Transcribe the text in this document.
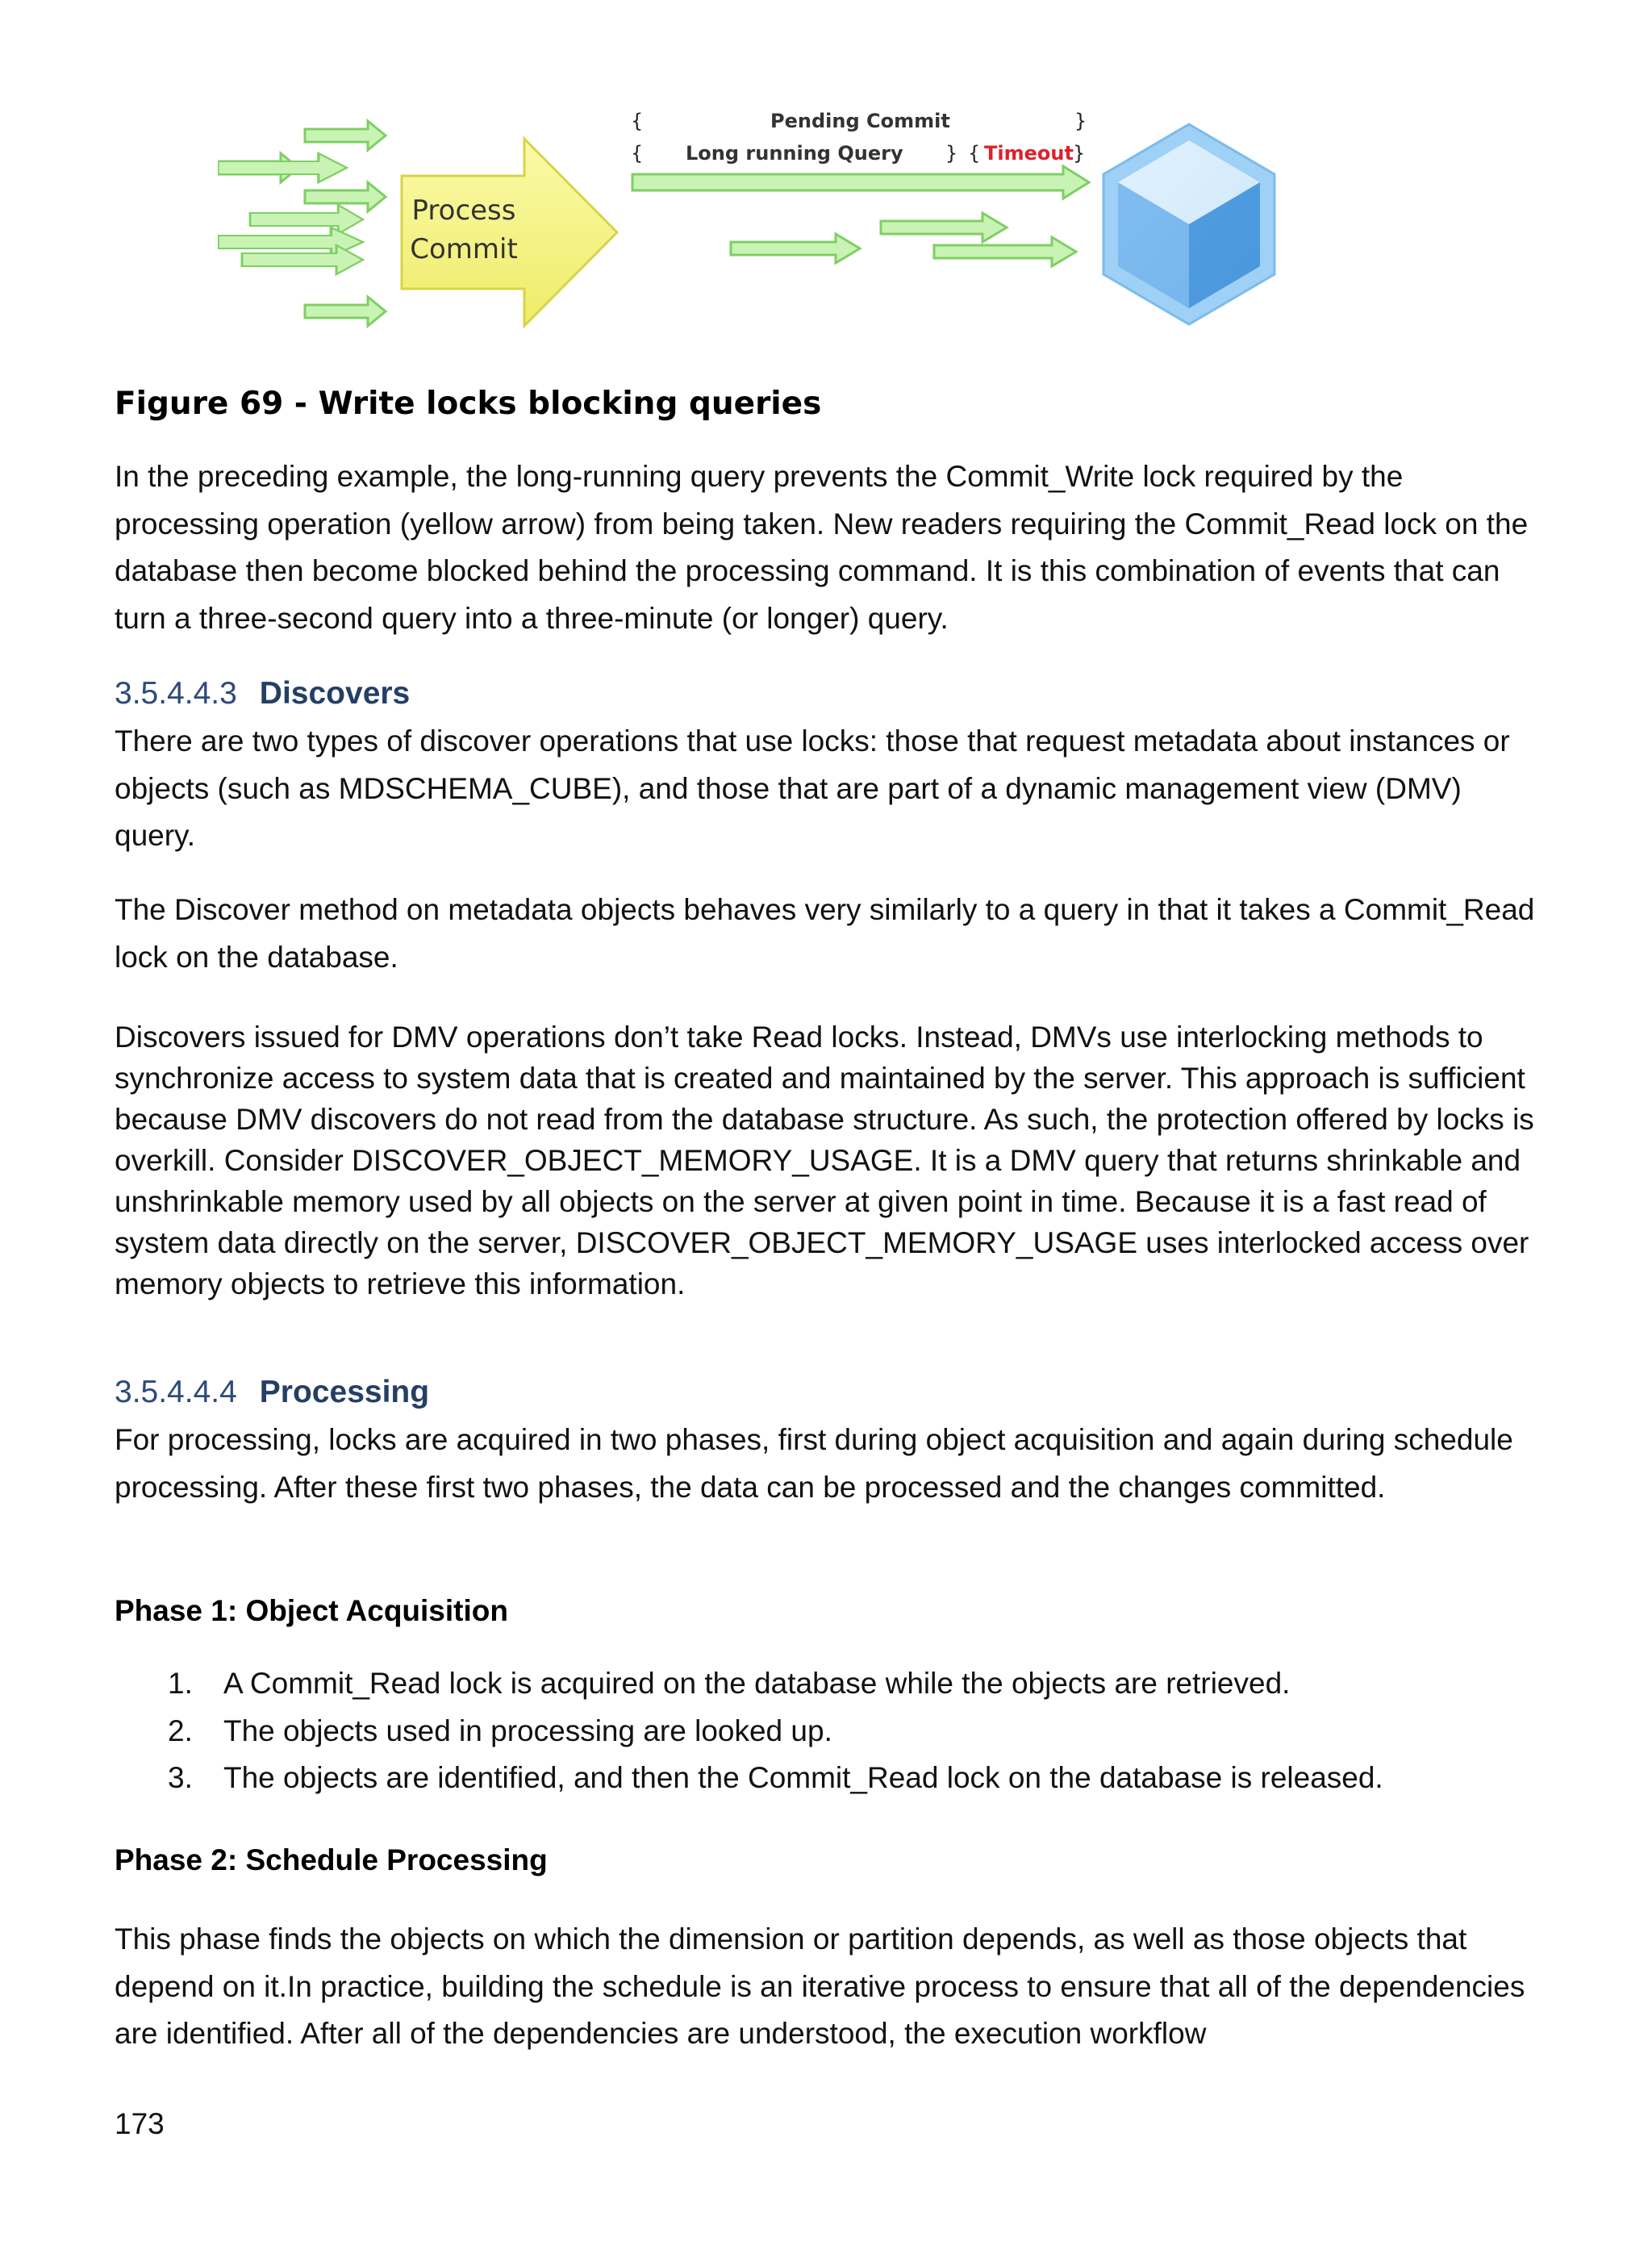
Process
Commit
{	Pending Commit	}
{ Long running Query } { Timeout }
Figure 69 - Write locks blocking queries

In the preceding example, the long-running query prevents the Commit_Write lock required by the processing operation (yellow arrow) from being taken. New readers requiring the Commit_Read lock on the database then become blocked behind the processing command. It is this combination of events that can turn a three-second query into a three-minute (or longer) query.

3.5.4.4.3 Discovers

There are two types of discover operations that use locks: those that request metadata about instances or objects (such as MDSCHEMA_CUBE), and those that are part of a dynamic management view (DMV) query.

The Discover method on metadata objects behaves very similarly to a query in that it takes a Commit_Read lock on the database.

Discovers issued for DMV operations don’t take Read locks. Instead, DMVs use interlocking methods to synchronize access to system data that is created and maintained by the server. This approach is sufficient because DMV discovers do not read from the database structure. As such, the protection offered by locks is overkill. Consider DISCOVER_OBJECT_MEMORY_USAGE. It is a DMV query that returns shrinkable and unshrinkable memory used by all objects on the server at given point in time. Because it is a fast read of system data directly on the server, DISCOVER_OBJECT_MEMORY_USAGE uses interlocked access over memory objects to retrieve this information.

3.5.4.4.4 Processing

For processing, locks are acquired in two phases, first during object acquisition and again during schedule processing. After these first two phases, the data can be processed and the changes committed.

Phase 1: Object Acquisition
1.	A Commit_Read lock is acquired on the database while the objects are retrieved.
2.	The objects used in processing are looked up.
3.	The objects are identified, and then the Commit_Read lock on the database is released.
Phase 2: Schedule Processing

This phase finds the objects on which the dimension or partition depends, as well as those objects that depend on it.In practice, building the schedule is an iterative process to ensure that all of the dependencies are identified. After all of the dependencies are understood, the execution workflow

173
